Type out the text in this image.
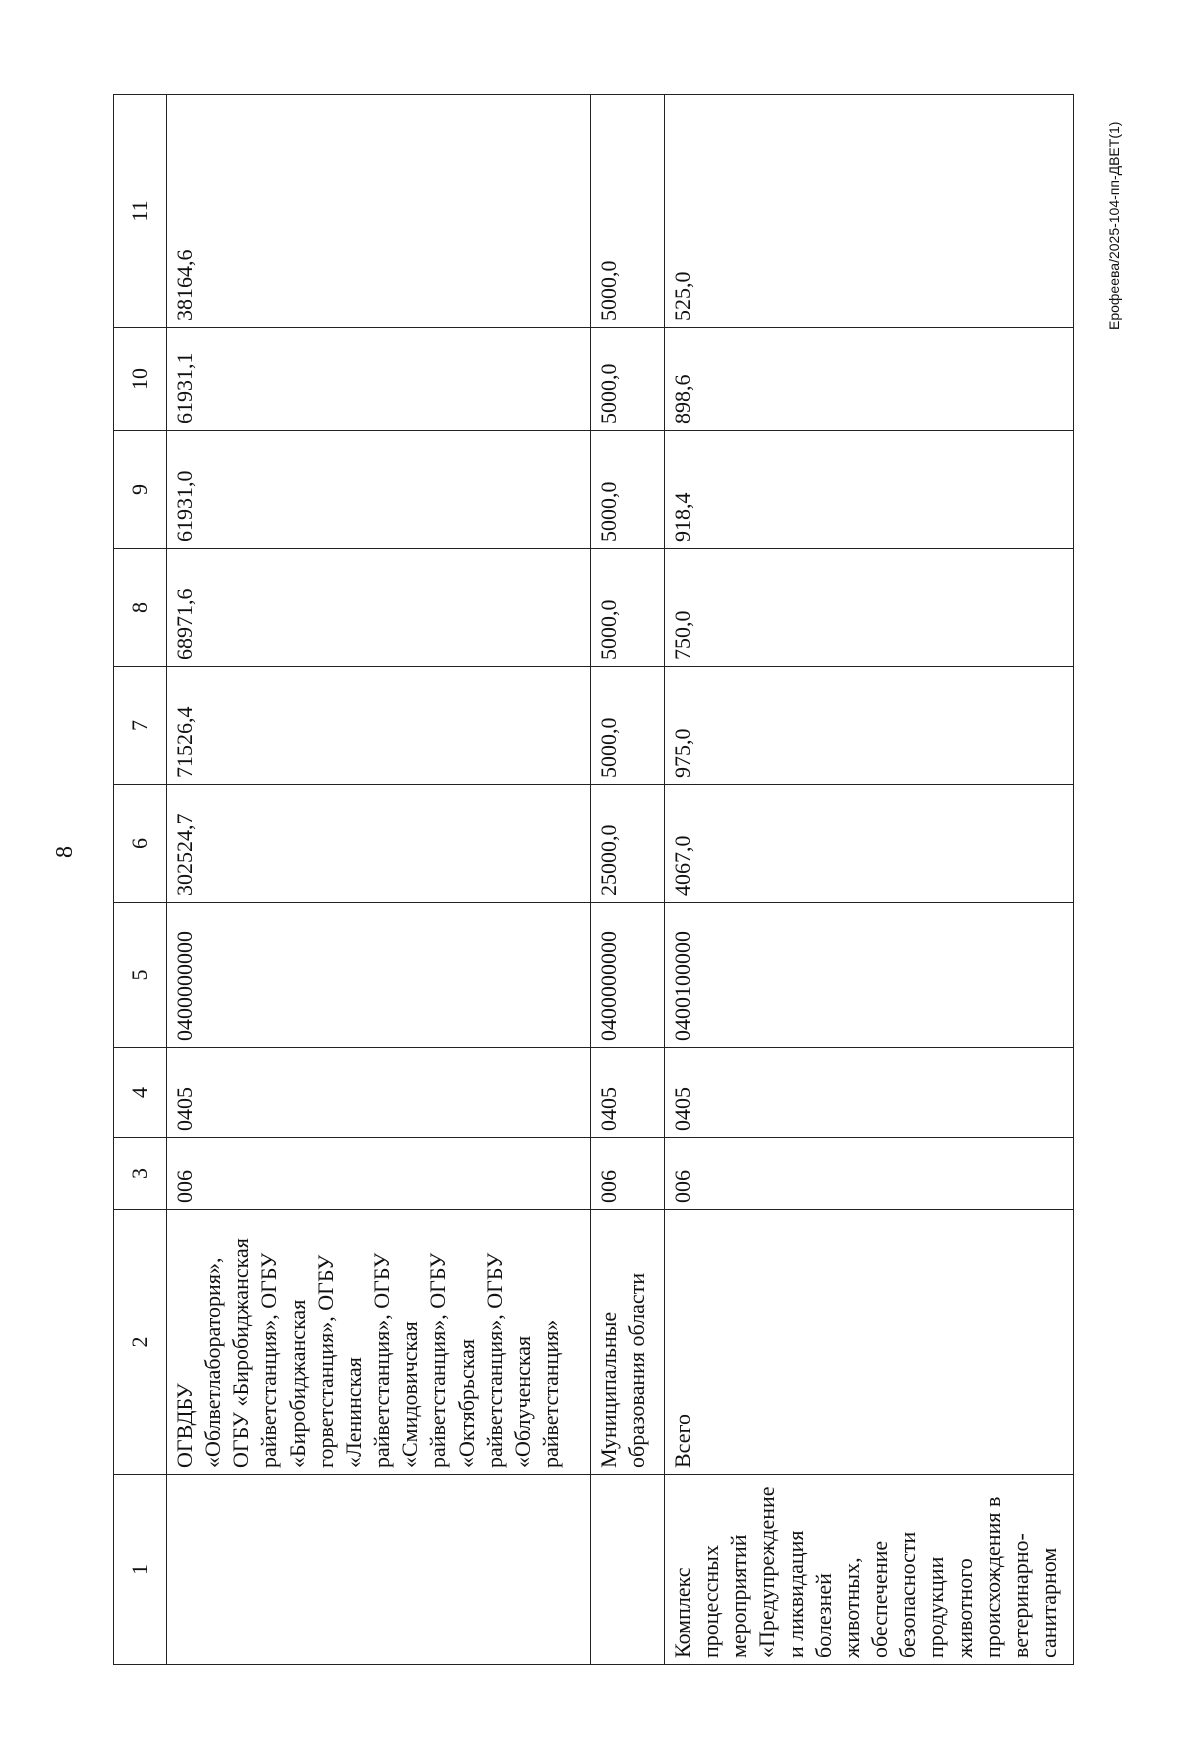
8
Ерофеева/2025-104-пп-ДВЕТ(1)
1	2	3	4	5	6	7	8	9	10	11
	ОГВДБУ «Облветлаборатория», ОГБУ «Биробиджанская райветстанция», ОГБУ «Биробиджанская горветстанция», ОГБУ «Ленинская райветстанция», ОГБУ «Смидовичская райветстанция», ОГБУ «Октябрьская райветстанция», ОГБУ «Облученская райветстанция»	006	0405	0400000000	302524,7	71526,4	68971,6	61931,0	61931,1	38164,6
	Муниципальные образования области	006	0405	0400000000	25000,0	5000,0	5000,0	5000,0	5000,0	5000,0
Комплекс процессных мероприятий «Предупреждение и ликвидация болезней животных, обеспечение безопасности продукции животного происхождения в ветеринарно-санитарном	Всего	006	0405	0400100000	4067,0	975,0	750,0	918,4	898,6	525,0
